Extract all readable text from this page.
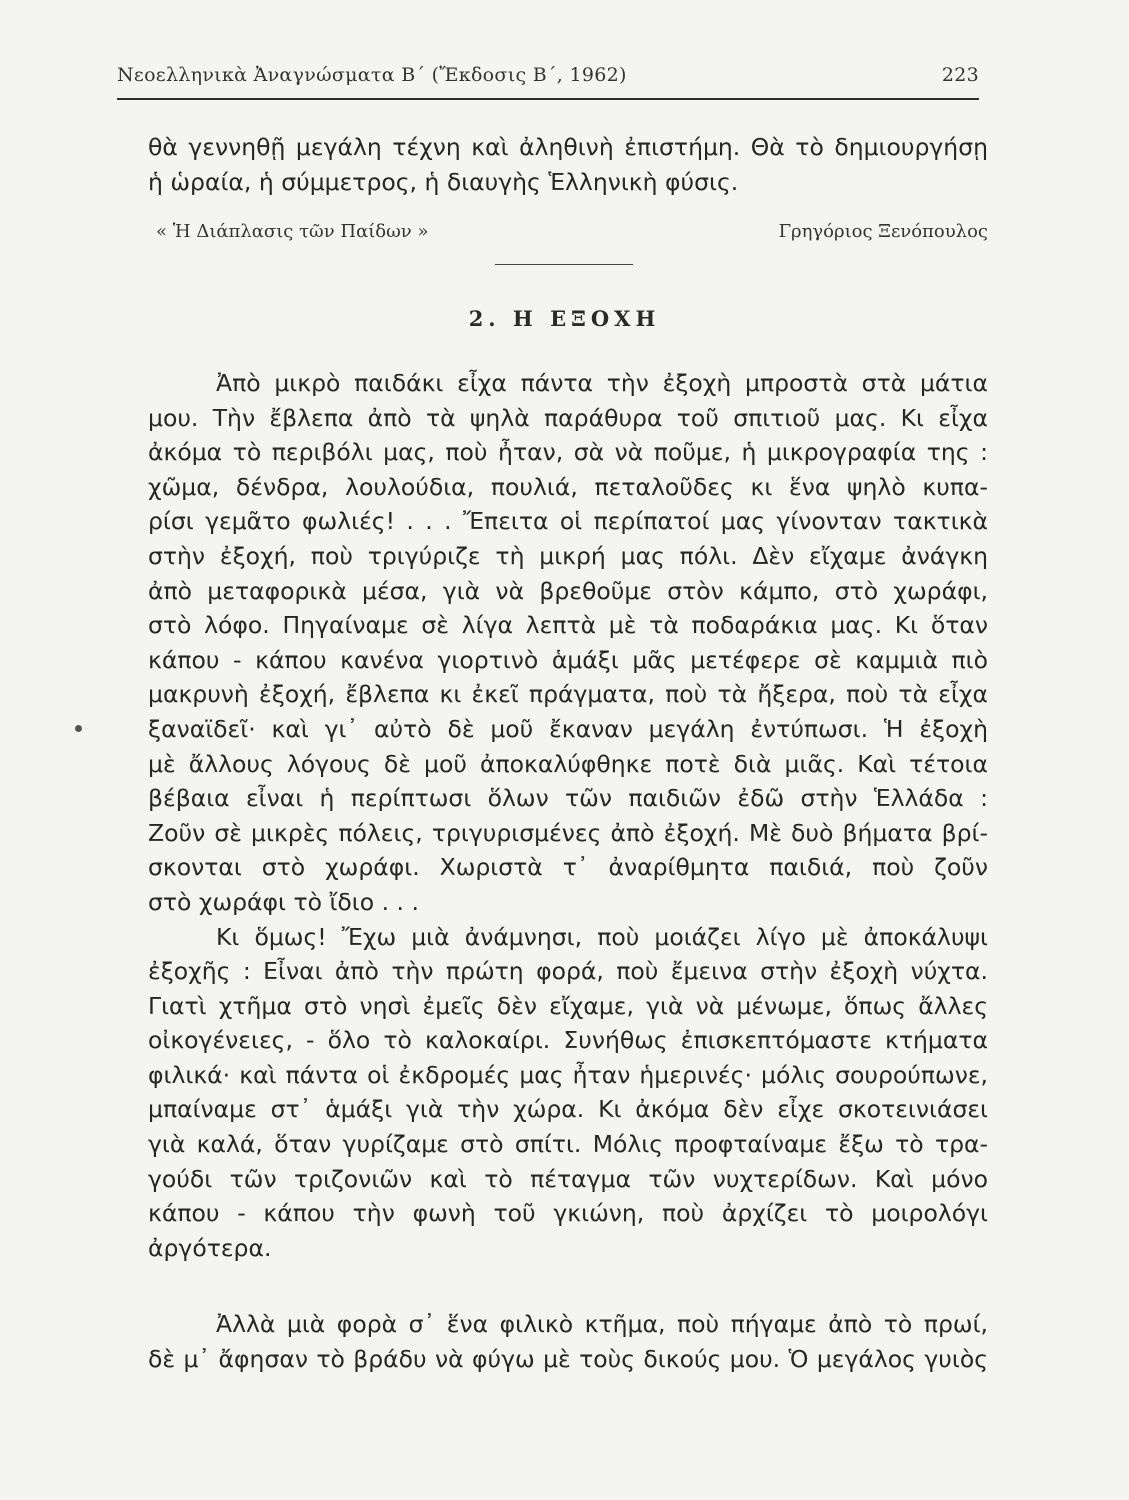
Νεοελληνικὰ Ἀναγνώσματα Β΄ (Ἔκδοσις Β΄, 1962)	223
θὰ γεννηθῇ μεγάλη τέχνη καὶ ἀληθινὴ ἐπιστήμη. Θὰ τὸ δημιουργήσῃ
ἡ ὡραία, ἡ σύμμετρος, ἡ διαυγὴς Ἑλληνικὴ φύσις.
« Ἡ Διάπλασις τῶν Παίδων »	Γρηγόριος Ξενόπουλος
2. Η ΕΞΟΧΗ
Ἀπὸ μικρὸ παιδάκι εἶχα πάντα τὴν ἐξοχὴ μπροστὰ στὰ μάτια
μου. Τὴν ἔβλεπα ἀπὸ τὰ ψηλὰ παράθυρα τοῦ σπιτιοῦ μας. Κι εἶχα
ἀκόμα τὸ περιβόλι μας, ποὺ ἦταν, σὰ νὰ ποῦμε, ἡ μικρογραφία της :
χῶμα, δένδρα, λουλούδια, πουλιά, πεταλοῦδες κι ἕνα ψηλὸ κυπα-
ρίσι γεμᾶτο φωλιές! . . . Ἔπειτα οἱ περίπατοί μας γίνονταν τακτικὰ
στὴν ἐξοχή, ποὺ τριγύριζε τὴ μικρή μας πόλι. Δὲν εἴχαμε ἀνάγκη
ἀπὸ μεταφορικὰ μέσα, γιὰ νὰ βρεθοῦμε στὸν κάμπο, στὸ χωράφι,
στὸ λόφο. Πηγαίναμε σὲ λίγα λεπτὰ μὲ τὰ ποδαράκια μας. Κι ὅταν
κάπου - κάπου κανένα γιορτινὸ ἁμάξι μᾶς μετέφερε σὲ καμμιὰ πιὸ
μακρυνὴ ἐξοχή, ἔβλεπα κι ἐκεῖ πράγματα, ποὺ τὰ ἤξερα, ποὺ τὰ εἶχα
ξαναϊδεῖ· καὶ γι᾽ αὐτὸ δὲ μοῦ ἔκαναν μεγάλη ἐντύπωσι. Ἡ ἐξοχὴ
μὲ ἄλλους λόγους δὲ μοῦ ἀποκαλύφθηκε ποτὲ διὰ μιᾶς. Καὶ τέτοια
βέβαια εἶναι ἡ περίπτωσι ὅλων τῶν παιδιῶν ἐδῶ στὴν Ἑλλάδα :
Ζοῦν σὲ μικρὲς πόλεις, τριγυρισμένες ἀπὸ ἐξοχή. Μὲ δυὸ βήματα βρί-
σκονται στὸ χωράφι. Χωριστὰ τ᾽ ἀναρίθμητα παιδιά, ποὺ ζοῦν
στὸ χωράφι τὸ ἴδιο . . .
Κι ὅμως! Ἔχω μιὰ ἀνάμνησι, ποὺ μοιάζει λίγο μὲ ἀποκάλυψι
ἐξοχῆς : Εἶναι ἀπὸ τὴν πρώτη φορά, ποὺ ἔμεινα στὴν ἐξοχὴ νύχτα.
Γιατὶ χτῆμα στὸ νησὶ ἐμεῖς δὲν εἴχαμε, γιὰ νὰ μένωμε, ὅπως ἄλλες
οἰκογένειες, - ὅλο τὸ καλοκαίρι. Συνήθως ἐπισκεπτόμαστε κτήματα
φιλικά· καὶ πάντα οἱ ἐκδρομές μας ἦταν ἡμερινές· μόλις σουρούπωνε,
μπαίναμε στ᾽ ἁμάξι γιὰ τὴν χώρα. Κι ἀκόμα δὲν εἶχε σκοτεινιάσει
γιὰ καλά, ὅταν γυρίζαμε στὸ σπίτι. Μόλις προφταίναμε ἔξω τὸ τρα-
γούδι τῶν τριζονιῶν καὶ τὸ πέταγμα τῶν νυχτερίδων. Καὶ μόνο
κάπου - κάπου τὴν φωνὴ τοῦ γκιώνη, ποὺ ἀρχίζει τὸ μοιρολόγι
ἀργότερα.
Ἀλλὰ μιὰ φορὰ σ᾽ ἕνα φιλικὸ κτῆμα, ποὺ πήγαμε ἀπὸ τὸ πρωί,
δὲ μ᾽ ἄφησαν τὸ βράδυ νὰ φύγω μὲ τοὺς δικούς μου. Ὁ μεγάλος γυιὸς
